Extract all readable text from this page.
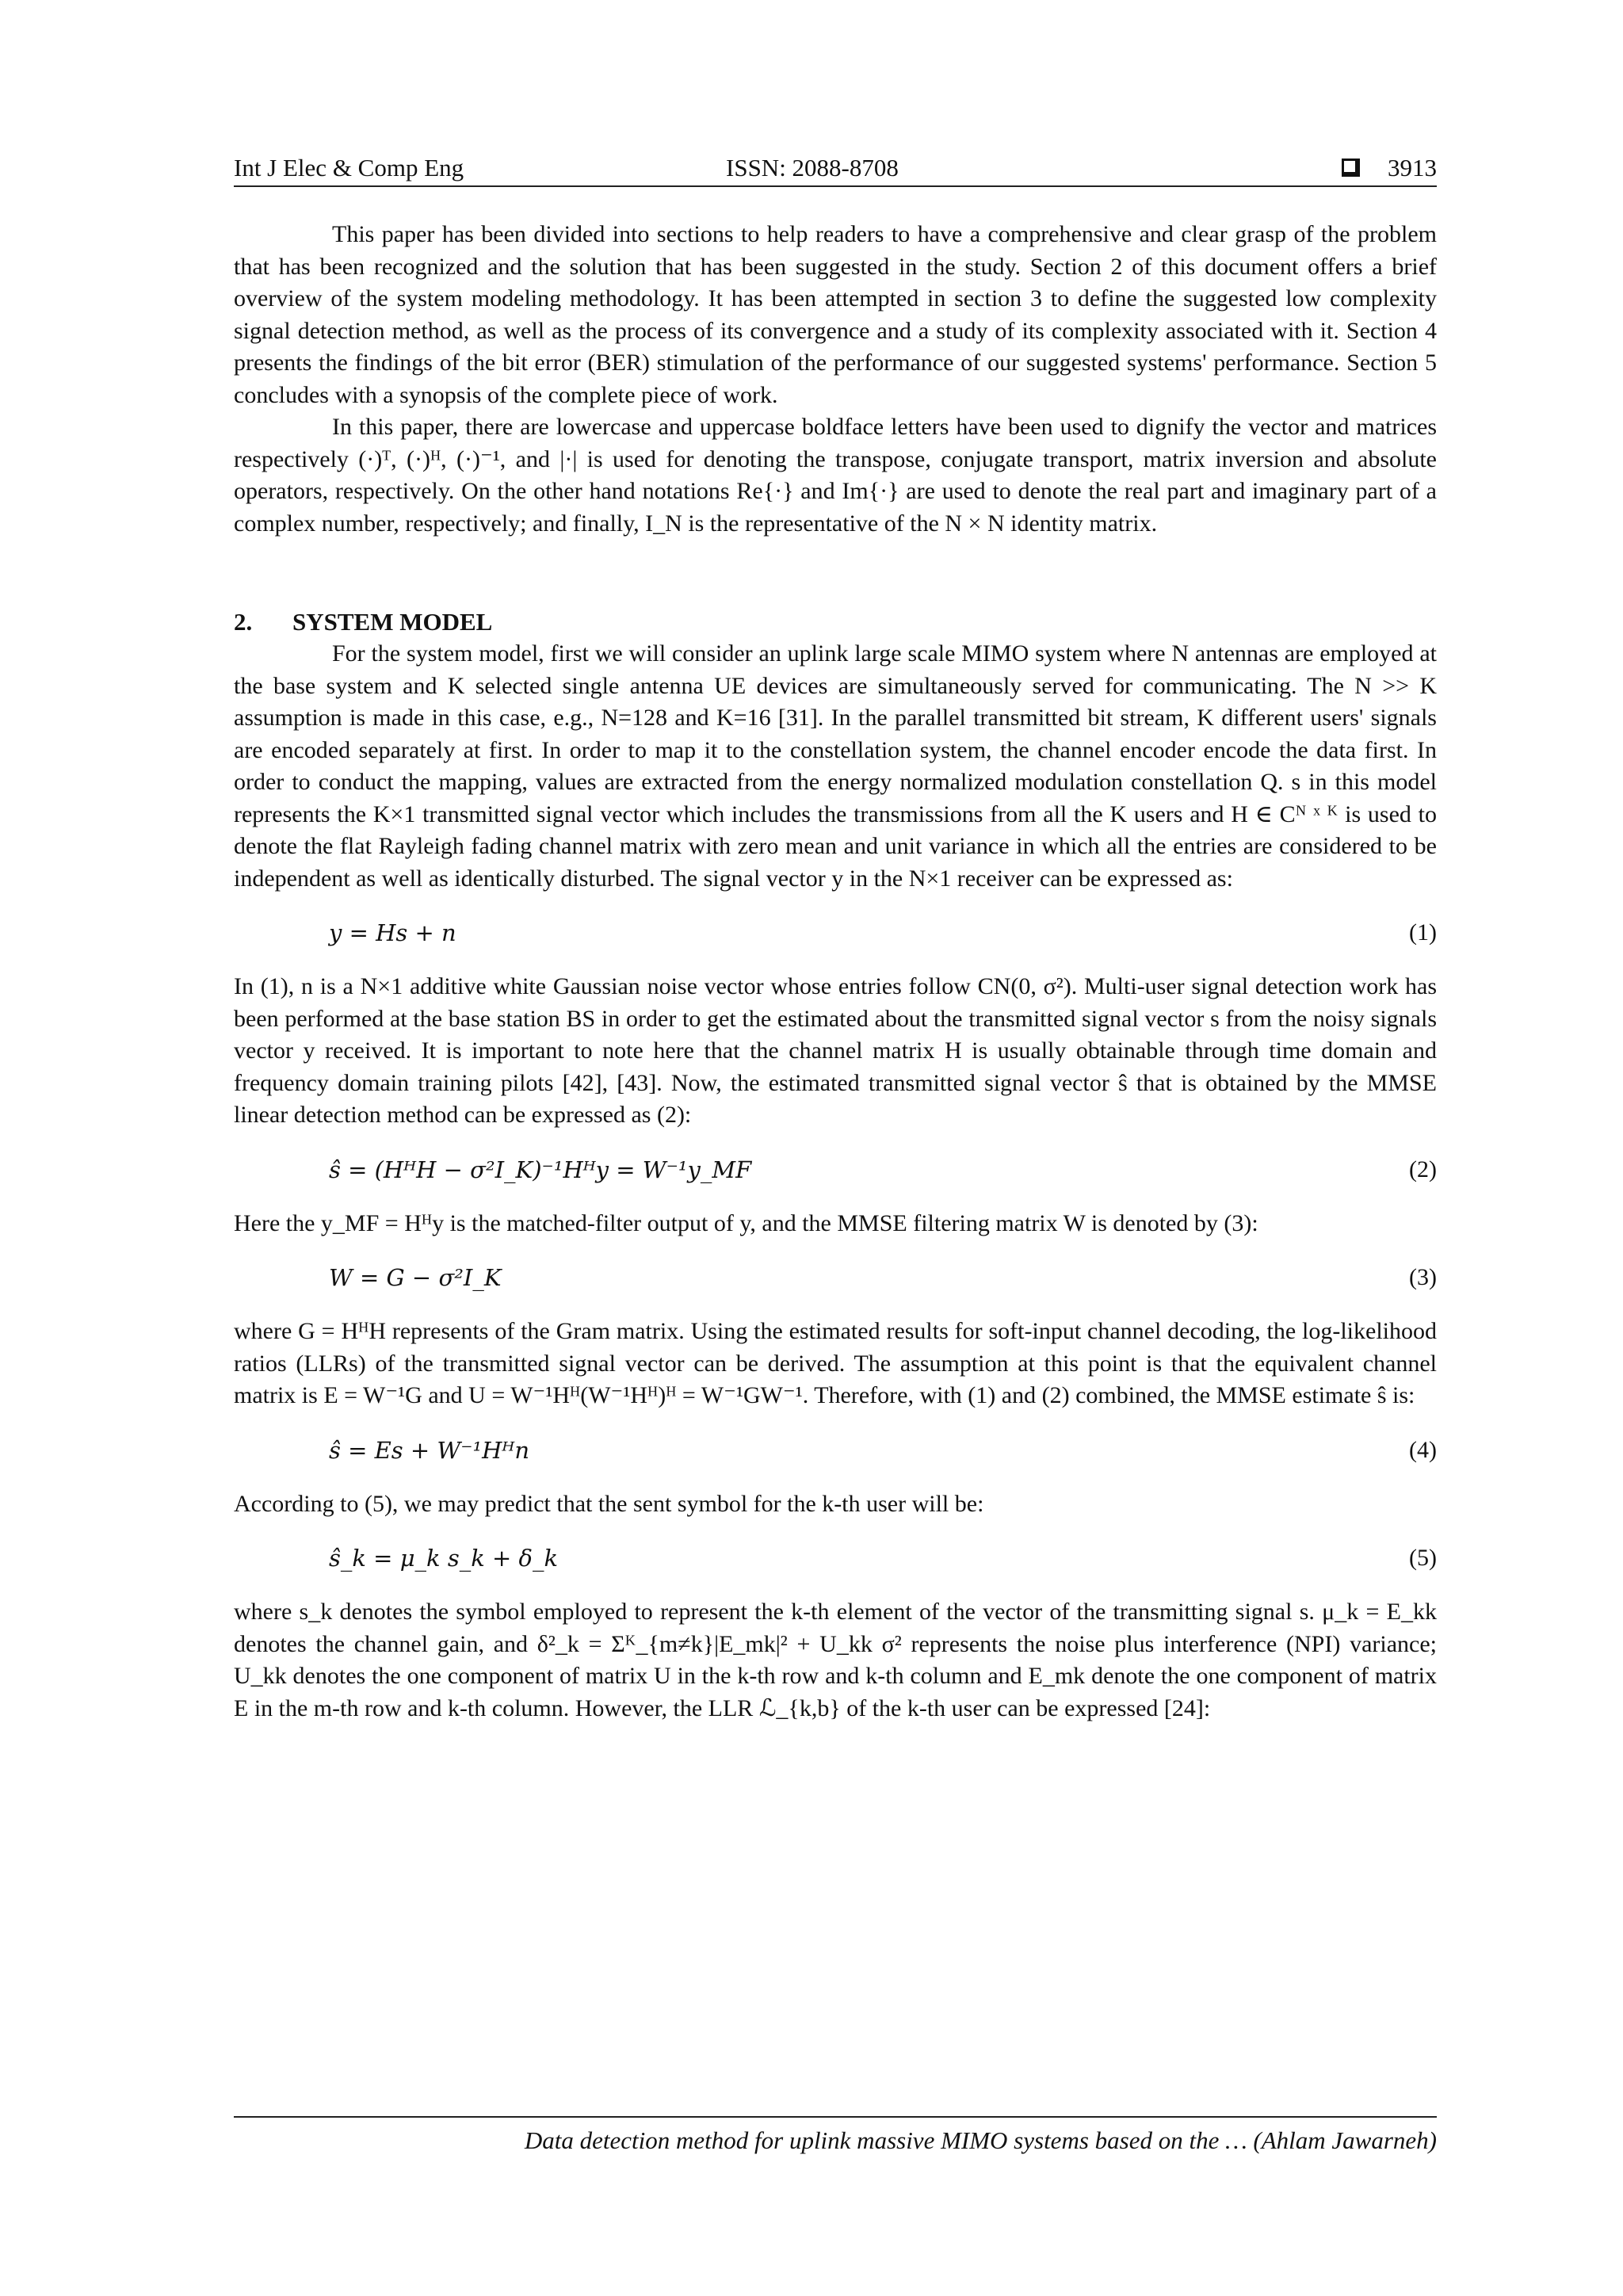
Int J Elec & Comp Eng	ISSN: 2088-8708	3913

This paper has been divided into sections to help readers to have a comprehensive and clear grasp of the problem that has been recognized and the solution that has been suggested in the study. Section 2 of this document offers a brief overview of the system modeling methodology. It has been attempted in section 3 to define the suggested low complexity signal detection method, as well as the process of its convergence and a study of its complexity associated with it. Section 4 presents the findings of the bit error (BER) stimulation of the performance of our suggested systems' performance. Section 5 concludes with a synopsis of the complete piece of work.

In this paper, there are lowercase and uppercase boldface letters have been used to dignify the vector and matrices respectively (·)ᵀ, (·)ᴴ, (·)⁻¹, and |·| is used for denoting the transpose, conjugate transport, matrix inversion and absolute operators, respectively. On the other hand notations Re{·} and Im{·} are used to denote the real part and imaginary part of a complex number, respectively; and finally, I_N is the representative of the N × N identity matrix.

2. SYSTEM MODEL

For the system model, first we will consider an uplink large scale MIMO system where N antennas are employed at the base system and K selected single antenna UE devices are simultaneously served for communicating. The N >> K assumption is made in this case, e.g., N=128 and K=16 [31]. In the parallel transmitted bit stream, K different users' signals are encoded separately at first. In order to map it to the constellation system, the channel encoder encode the data first. In order to conduct the mapping, values are extracted from the energy normalized modulation constellation Q. s in this model represents the K×1 transmitted signal vector which includes the transmissions from all the K users and H ∈ Cᴺ ˣ ᴷ is used to denote the flat Rayleigh fading channel matrix with zero mean and unit variance in which all the entries are considered to be independent as well as identically disturbed. The signal vector y in the N×1 receiver can be expressed as:

y = Hs + n	(1)

In (1), n is a N×1 additive white Gaussian noise vector whose entries follow CN(0, σ²). Multi-user signal detection work has been performed at the base station BS in order to get the estimated about the transmitted signal vector s from the noisy signals vector y received. It is important to note here that the channel matrix H is usually obtainable through time domain and frequency domain training pilots [42], [43]. Now, the estimated transmitted signal vector ŝ that is obtained by the MMSE linear detection method can be expressed as (2):

ŝ = (HᴴH − σ²I_K)⁻¹Hᴴy = W⁻¹y_MF	(2)

Here the y_MF = Hᴴy is the matched-filter output of y, and the MMSE filtering matrix W is denoted by (3):

W = G − σ²I_K	(3)

where G = HᴴH represents of the Gram matrix. Using the estimated results for soft-input channel decoding, the log-likelihood ratios (LLRs) of the transmitted signal vector can be derived. The assumption at this point is that the equivalent channel matrix is E = W⁻¹G and U = W⁻¹Hᴴ(W⁻¹Hᴴ)ᴴ = W⁻¹GW⁻¹. Therefore, with (1) and (2) combined, the MMSE estimate ŝ is:

ŝ = Es + W⁻¹Hᴴn	(4)

According to (5), we may predict that the sent symbol for the k-th user will be:

ŝ_k = μ_k s_k + δ_k	(5)

where s_k denotes the symbol employed to represent the k-th element of the vector of the transmitting signal s. μ_k = E_kk denotes the channel gain, and δ²_k = Σᴷ_{m≠k}|E_mk|² + U_kk σ² represents the noise plus interference (NPI) variance; U_kk denotes the one component of matrix U in the k-th row and k-th column and E_mk denote the one component of matrix E in the m-th row and k-th column. However, the LLR ℒ_{k,b} of the k-th user can be expressed [24]:

Data detection method for uplink massive MIMO systems based on the … (Ahlam Jawarneh)
